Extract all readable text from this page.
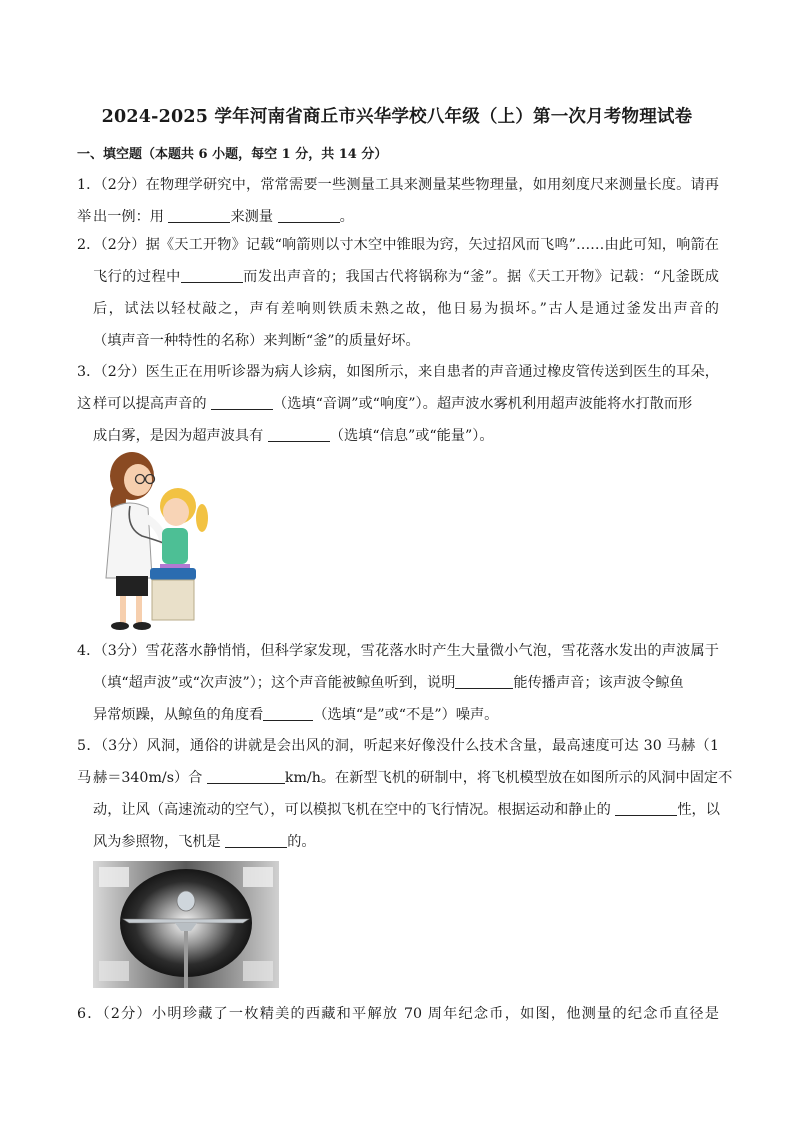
2024-2025 学年河南省商丘市兴华学校八年级（上）第一次月考物理试卷
一、填空题（本题共 6 小题，每空 1 分，共 14 分）
1．（2分）在物理学研究中，常常需要一些测量工具来测量某些物理量，如用刻度尺来测量长度。请再举 出一例：用	来测量	。
2．（2分）据《天工开物》记载“响箭则以寸木空中锥眼为窍，矢过招风而飞鸣”……由此可知，响箭在
飞行的过程中	而发出声音的；我国古代将锅称为“釜”。据《天工开物》记载：“凡釜既成
后，试法以轻杖敲之，声有差响则铁质未熟之故，他日易为损坏。”古人是通过釜发出声音的
（填声音一种特性的名称）来判断“釜”的质量好坏。
3．（2分）医生正在用听诊器为病人诊病，如图所示，来自患者的声音通过橡皮管传送到医生的耳朵，这 样可以提高声音的	（选填“音调”或“响度”）。超声波水雾机利用超声波能将水打散而形
成白雾，是因为超声波具有	（选填“信息”或“能量”）。
4．（3分）雪花落水静悄悄，但科学家发现，雪花落水时产生大量微小气泡，雪花落水发出的声波属于
（填“超声波”或“次声波”）；这个声音能被鲸鱼听到，说明	能传播声音；该声波令鲸鱼
异常烦躁，从鲸鱼的角度看	（选填“是”或“不是”）噪声。
5．（3分）风洞，通俗的讲就是会出风的洞，听起来好像没什么技术含量，最高速度可达 30 马赫（1 马 赫＝340m/s）合	km/h。在新型飞机的研制中，将飞机模型放在如图所示的风洞中固定不
动，让风（高速流动的空气），可以模拟飞机在空中的飞行情况。根据运动和静止的	性，以
风为参照物，飞机是	的。
6．（2分）小明珍藏了一枚精美的西藏和平解放 70 周年纪念币，如图，他测量的纪念币直径是
